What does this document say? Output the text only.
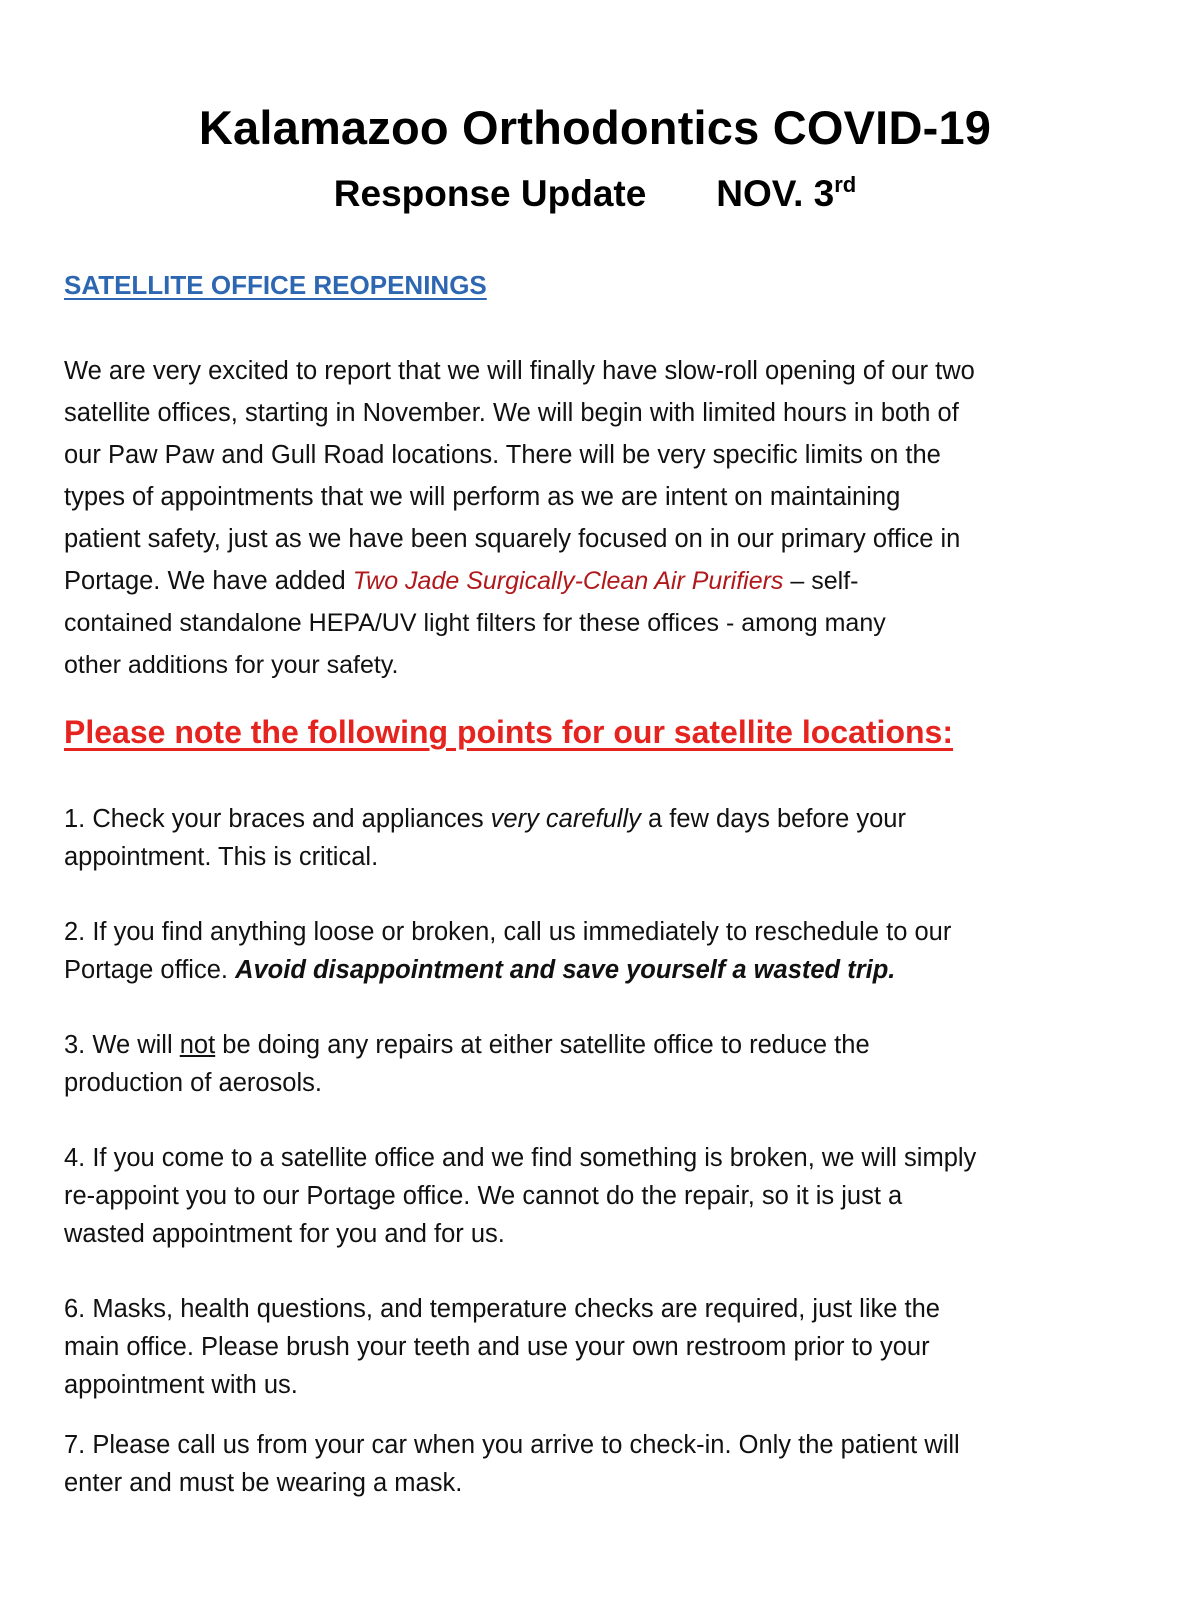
Kalamazoo Orthodontics COVID-19
Response Update NOV. 3rd
SATELLITE OFFICE REOPENINGS
We are very excited to report that we will finally have slow-roll opening of our two
satellite offices, starting in November. We will begin with limited hours in both of
our Paw Paw and Gull Road locations. There will be very specific limits on the
types of appointments that we will perform as we are intent on maintaining
patient safety, just as we have been squarely focused on in our primary office in
Portage. We have added Two Jade Surgically-Clean Air Purifiers – self-
contained standalone HEPA/UV light filters for these offices - among many
other additions for your safety.
Please note the following points for our satellite locations:
1. Check your braces and appliances very carefully a few days before your
appointment. This is critical.
2. If you find anything loose or broken, call us immediately to reschedule to our
Portage office. Avoid disappointment and save yourself a wasted trip.
3. We will not be doing any repairs at either satellite office to reduce the
production of aerosols.
4. If you come to a satellite office and we find something is broken, we will simply
re-appoint you to our Portage office. We cannot do the repair, so it is just a
wasted appointment for you and for us.
6. Masks, health questions, and temperature checks are required, just like the
main office. Please brush your teeth and use your own restroom prior to your
appointment with us.
7. Please call us from your car when you arrive to check-in. Only the patient will
enter and must be wearing a mask.
